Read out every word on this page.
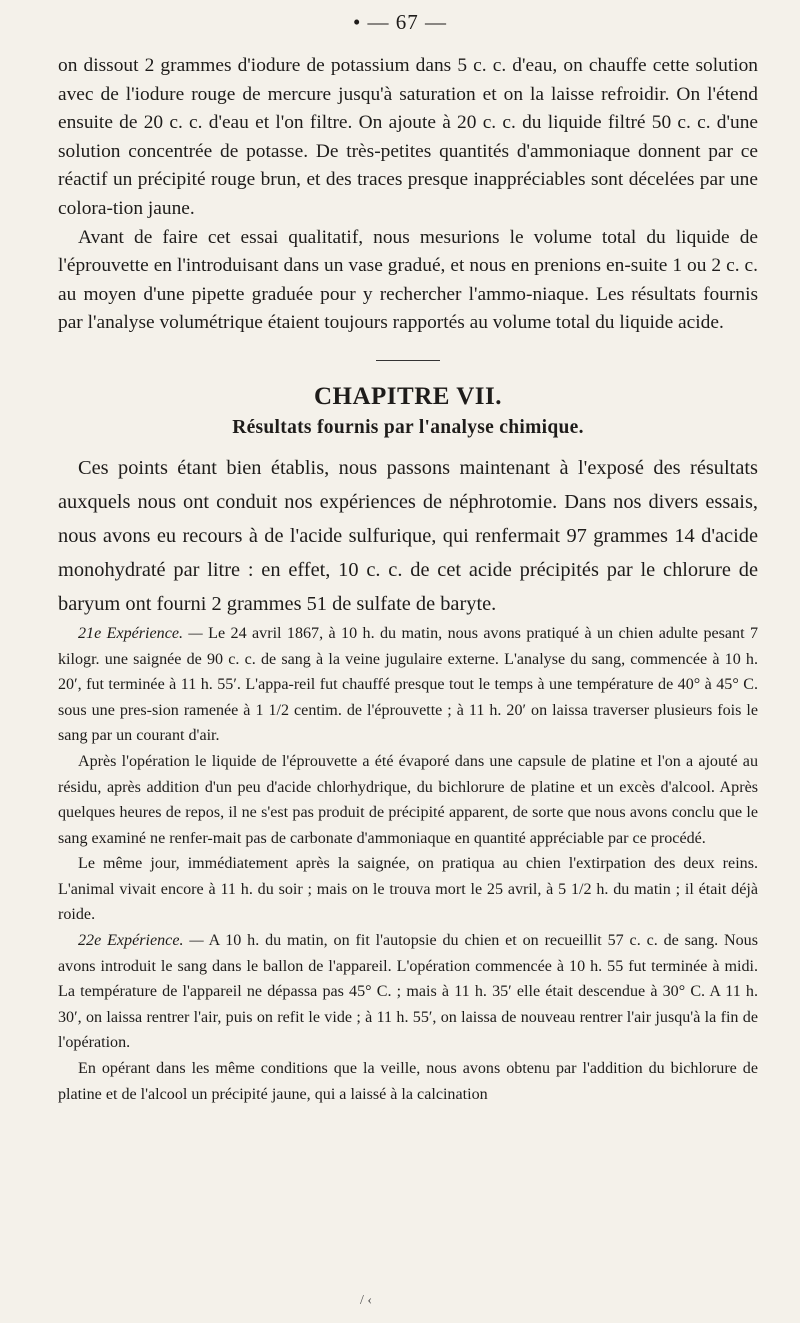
• — 67 —

on dissout 2 grammes d'iodure de potassium dans 5 c. c. d'eau, on chauffe cette solution avec de l'iodure rouge de mercure jusqu'à saturation et on la laisse refroidir. On l'étend ensuite de 20 c. c. d'eau et l'on filtre. On ajoute à 20 c. c. du liquide filtré 50 c. c. d'une solution concentrée de potasse. De très-petites quantités d'ammoniaque donnent par ce réactif un précipité rouge brun, et des traces presque inappréciables sont décelées par une colora-tion jaune.

Avant de faire cet essai qualitatif, nous mesurions le volume total du liquide de l'éprouvette en l'introduisant dans un vase gradué, et nous en prenions en-suite 1 ou 2 c. c. au moyen d'une pipette graduée pour y rechercher l'ammo-niaque. Les résultats fournis par l'analyse volumétrique étaient toujours rapportés au volume total du liquide acide.

CHAPITRE VII.
Résultats fournis par l'analyse chimique.

Ces points étant bien établis, nous passons maintenant à l'exposé des résultats auxquels nous ont conduit nos expériences de néphrotomie. Dans nos divers essais, nous avons eu recours à de l'acide sulfurique, qui renfermait 97 grammes 14 d'acide monohydraté par litre : en effet, 10 c. c. de cet acide précipités par le chlorure de baryum ont fourni 2 grammes 51 de sulfate de baryte.

21e Expérience. — Le 24 avril 1867, à 10 h. du matin, nous avons pratiqué à un chien adulte pesant 7 kilogr. une saignée de 90 c. c. de sang à la veine jugulaire externe. L'analyse du sang, commencée à 10 h. 20′, fut terminée à 11 h. 55′. L'appa-reil fut chauffé presque tout le temps à une température de 40° à 45° C. sous une pres-sion ramenée à 1 1/2 centim. de l'éprouvette ; à 11 h. 20′ on laissa traverser plusieurs fois le sang par un courant d'air.

Après l'opération le liquide de l'éprouvette a été évaporé dans une capsule de platine et l'on a ajouté au résidu, après addition d'un peu d'acide chlorhydrique, du bichlorure de platine et un excès d'alcool. Après quelques heures de repos, il ne s'est pas produit de précipité apparent, de sorte que nous avons conclu que le sang examiné ne renfer-mait pas de carbonate d'ammoniaque en quantité appréciable par ce procédé.

Le même jour, immédiatement après la saignée, on pratiqua au chien l'extirpation des deux reins. L'animal vivait encore à 11 h. du soir ; mais on le trouva mort le 25 avril, à 5 1/2 h. du matin ; il était déjà roide.

22e Expérience. — A 10 h. du matin, on fit l'autopsie du chien et on recueillit 57 c. c. de sang. Nous avons introduit le sang dans le ballon de l'appareil. L'opération commencée à 10 h. 55 fut terminée à midi. La température de l'appareil ne dépassa pas 45° C. ; mais à 11 h. 35′ elle était descendue à 30° C. A 11 h. 30′, on laissa rentrer l'air, puis on refit le vide ; à 11 h. 55′, on laissa de nouveau rentrer l'air jusqu'à la fin de l'opération.

En opérant dans les même conditions que la veille, nous avons obtenu par l'addition du bichlorure de platine et de l'alcool un précipité jaune, qui a laissé à la calcination

/ ‹
